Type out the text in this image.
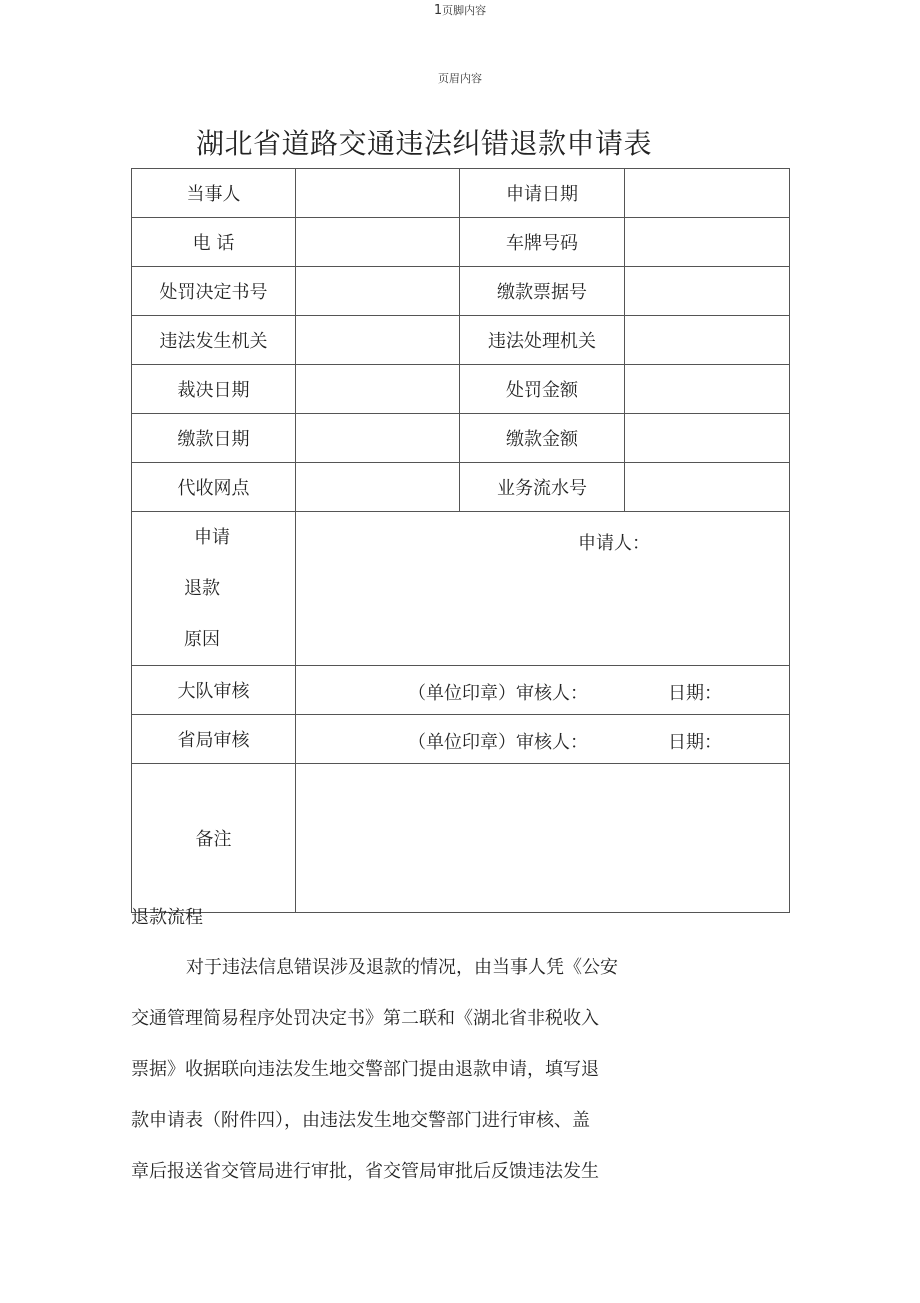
1页脚内容
页眉内容
湖北省道路交通违法纠错退款申请表
当事人		申请日期	
电 话		车牌号码	
处罚决定书号		缴款票据号	
违法发生机关		违法处理机关	
裁决日期		处罚金额	
缴款日期		缴款金额	
代收网点		业务流水号	

申请
退款
原因	申请人：		

大队审核	（单位印章）审核人： 日期：		

省局审核	（单位印章）审核人： 日期：		

备注			
退款流程

对于违法信息错误涉及退款的情况，由当事人凭《公安

交通管理简易程序处罚决定书》第二联和《湖北省非税收入

票据》收据联向违法发生地交警部门提由退款申请，填写退

款申请表（附件四），由违法发生地交警部门进行审核、盖

章后报送省交管局进行审批，省交管局审批后反馈违法发生
